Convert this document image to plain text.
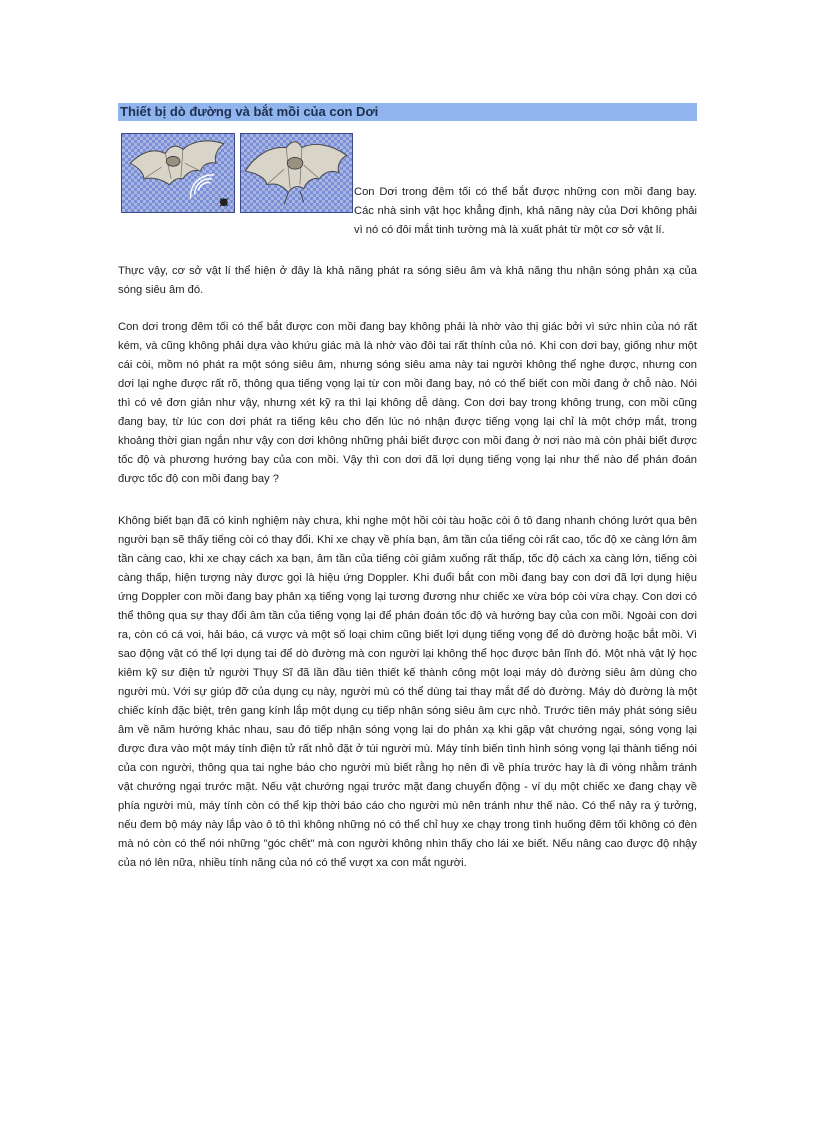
Thiết bị dò đường và bắt mồi của con Dơi
Con Dơi trong đêm tối có thể bắt được những con mồi đang bay. Các nhà sinh vật học khẳng định, khả năng này của Dơi không phải vì nó có đôi mắt tinh tường mà là xuất phát từ một cơ sở vật lí.
Thực vậy, cơ sở vật lí thể hiện ở đây là khả năng phát ra sóng siêu âm và khả năng thu nhận sóng phản xạ của sóng siêu âm đó.
Con dơi trong đêm tối có thể bắt được con mồi đang bay không phải là nhờ vào thị giác bởi vì sức nhìn của nó rất kém, và cũng không phải dựa vào khứu giác mà là nhờ vào đôi tai rất thính của nó. Khi con dơi bay, giống như một cái còi, mồm nó phát ra một sóng siêu âm, nhưng sóng siêu ama này tai người không thể nghe được, nhưng con dơi lại nghe được rất rõ, thông qua tiếng vọng lại từ con mồi đang bay, nó có thể biết con mồi đang ở chỗ nào. Nói thì có vẻ đơn giản như vậy, nhưng xét kỹ ra thì lại không dễ dàng. Con dơi bay trong không trung, con mồi cũng đang bay, từ lúc con dơi phát ra tiếng kêu cho đến lúc nó nhận được tiếng vọng lại chỉ là một chớp mắt, trong khoảng thời gian ngắn như vậy con dơi không những phải biết được con mồi đang ở nơi nào mà còn phải biết được tốc độ và phương hướng bay của con mồi. Vậy thì con dơi đã lợi dụng tiếng vọng lại như thế nào để phán đoán được tốc độ con mồi đang bay ?
Không biết bạn đã có kinh nghiệm này chưa, khi nghe một hồi còi tàu hoặc còi ô tô đang nhanh chóng lướt qua bên người bạn sẽ thấy tiếng còi có thay đổi. Khi xe chạy về phía bạn, âm tần của tiếng còi rất cao, tốc độ xe càng lớn âm tần càng cao, khi xe chạy cách xa bạn, âm tần của tiếng còi giảm xuống rất thấp, tốc độ cách xa càng lớn, tiếng còi càng thấp, hiện tượng này được gọi là hiệu ứng Doppler. Khi đuổi bắt con mồi đang bay con dơi đã lợi dụng hiệu ứng Doppler con mồi đang bay phản xạ tiếng vọng lại tương đương như chiếc xe vừa bóp còi vừa chạy. Con dơi có thể thông qua sự thay đổi âm tần của tiếng vọng lại để phán đoán tốc độ và hướng bay của con mồi. Ngoài con dơi ra, còn có cá voi, hải báo, cá vược và một số loại chim cũng biết lợi dụng tiếng vọng để dò đường hoặc bắt mồi. Vì sao động vật có thể lợi dụng tai để dò đường mà con người lại không thể học được bản lĩnh đó. Một nhà vật lý học kiêm kỹ sư điện tử người Thụy Sĩ đã lần đầu tiên thiết kế thành công một loại máy dò đường siêu âm dùng cho người mù. Với sự giúp đỡ của dụng cụ này, người mù có thể dùng tai thay mắt để dò đường. Máy dò đường là một chiếc kính đặc biệt, trên gang kính lắp một dụng cụ tiếp nhận sóng siêu âm cực nhỏ. Trước tiên máy phát sóng siêu âm về năm hướng khác nhau, sau đó tiếp nhận sóng vọng lại do phản xạ khi gặp vật chướng ngại, sóng vọng lại được đưa vào một máy tính điện tử rất nhỏ đặt ở túi người mù. Máy tính biến tình hình sóng vọng lại thành tiếng nói của con người, thông qua tai nghe báo cho người mù biết rằng họ nên đi về phía trước hay là đi vòng nhằm tránh vật chướng ngại trước mặt. Nếu vật chướng ngại trước mặt đang chuyển động - ví dụ một chiếc xe đang chạy về phía người mù, máy tính còn có thể kịp thời báo cáo cho người mù nên tránh như thế nào. Có thể nảy ra ý tưởng, nếu đem bộ máy này lắp vào ô tô thì không những nó có thể chỉ huy xe chạy trong tình huống đêm tối không có đèn mà nó còn có thể nói những "góc chết" mà con người không nhìn thấy cho lái xe biết. Nếu nâng cao được độ nhậy của nó lên nữa, nhiều tính năng của nó có thể vượt xa con mắt người.
